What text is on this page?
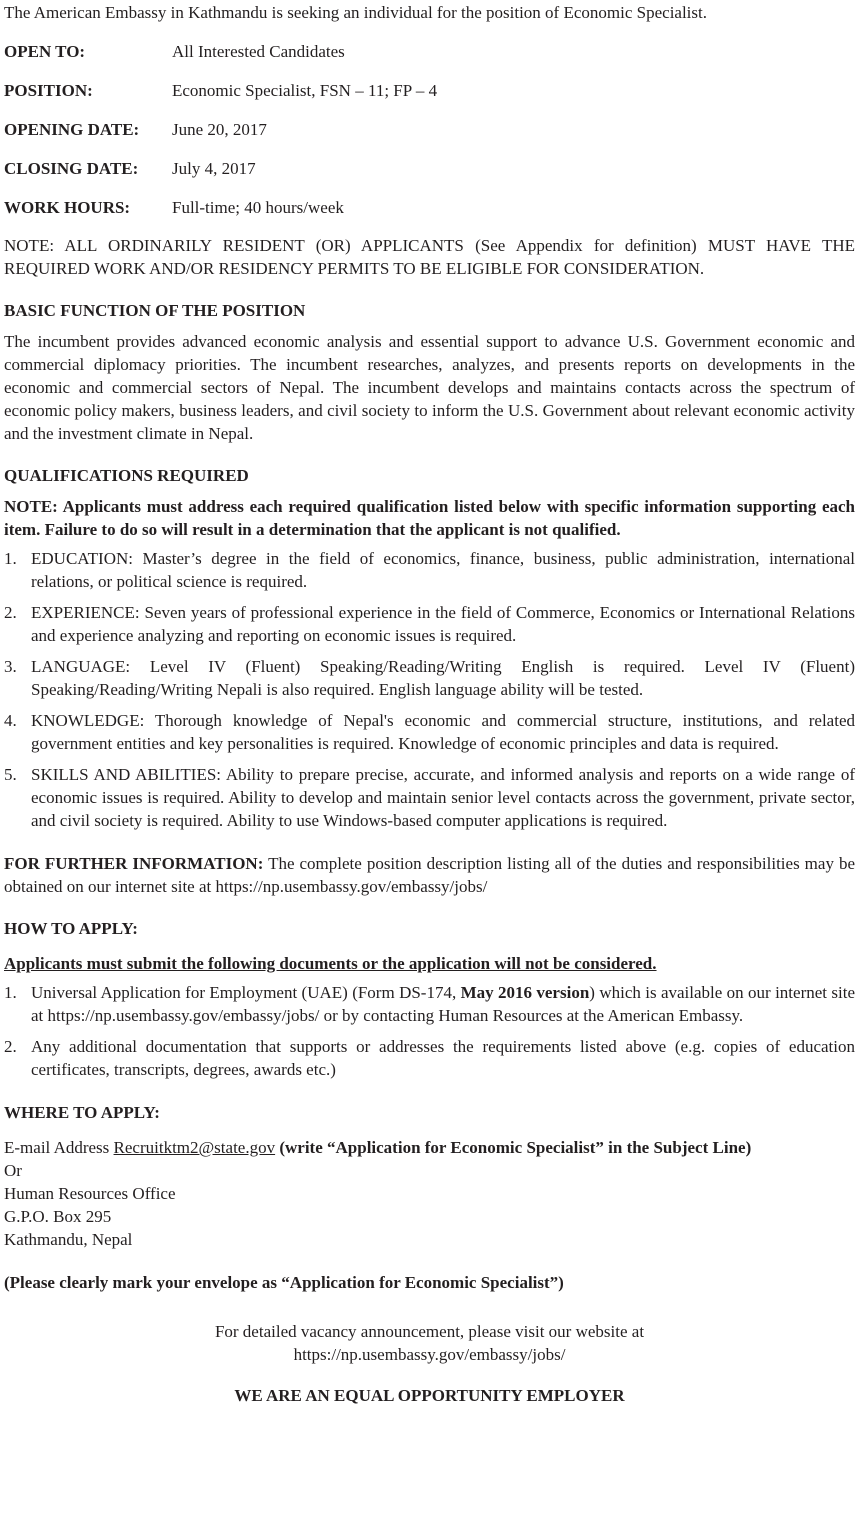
The American Embassy in Kathmandu is seeking an individual for the position of Economic Specialist.

OPEN TO:	All Interested Candidates
POSITION:	Economic Specialist, FSN – 11; FP – 4
OPENING DATE:	June 20, 2017
CLOSING DATE:	July 4, 2017
WORK HOURS:	Full-time; 40 hours/week

NOTE: ALL ORDINARILY RESIDENT (OR) APPLICANTS (See Appendix for definition) MUST HAVE THE REQUIRED WORK AND/OR RESIDENCY PERMITS TO BE ELIGIBLE FOR CONSIDERATION.

BASIC FUNCTION OF THE POSITION

The incumbent provides advanced economic analysis and essential support to advance U.S. Government economic and commercial diplomacy priorities. The incumbent researches, analyzes, and presents reports on developments in the economic and commercial sectors of Nepal. The incumbent develops and maintains contacts across the spectrum of economic policy makers, business leaders, and civil society to inform the U.S. Government about relevant economic activity and the investment climate in Nepal.

QUALIFICATIONS REQUIRED

NOTE: Applicants must address each required qualification listed below with specific information supporting each item. Failure to do so will result in a determination that the applicant is not qualified.

1. EDUCATION: Master’s degree in the field of economics, finance, business, public administration, international relations, or political science is required.
2. EXPERIENCE: Seven years of professional experience in the field of Commerce, Economics or International Relations and experience analyzing and reporting on economic issues is required.
3. LANGUAGE: Level IV (Fluent) Speaking/Reading/Writing English is required. Level IV (Fluent) Speaking/Reading/Writing Nepali is also required. English language ability will be tested.
4. KNOWLEDGE: Thorough knowledge of Nepal's economic and commercial structure, institutions, and related government entities and key personalities is required. Knowledge of economic principles and data is required.
5. SKILLS AND ABILITIES: Ability to prepare precise, accurate, and informed analysis and reports on a wide range of economic issues is required. Ability to develop and maintain senior level contacts across the government, private sector, and civil society is required. Ability to use Windows-based computer applications is required.

FOR FURTHER INFORMATION: The complete position description listing all of the duties and responsibilities may be obtained on our internet site at https://np.usembassy.gov/embassy/jobs/

HOW TO APPLY:

Applicants must submit the following documents or the application will not be considered.

1. Universal Application for Employment (UAE) (Form DS-174, May 2016 version) which is available on our internet site at https://np.usembassy.gov/embassy/jobs/ or by contacting Human Resources at the American Embassy.
2. Any additional documentation that supports or addresses the requirements listed above (e.g. copies of education certificates, transcripts, degrees, awards etc.)
WHERE TO APPLY:

E-mail Address Recruitktm2@state.gov (write “Application for Economic Specialist” in the Subject Line)

Or

Human Resources Office

G.P.O. Box 295

Kathmandu, Nepal

(Please clearly mark your envelope as “Application for Economic Specialist”)

For detailed vacancy announcement, please visit our website at

https://np.usembassy.gov/embassy/jobs/

WE ARE AN EQUAL OPPORTUNITY EMPLOYER
